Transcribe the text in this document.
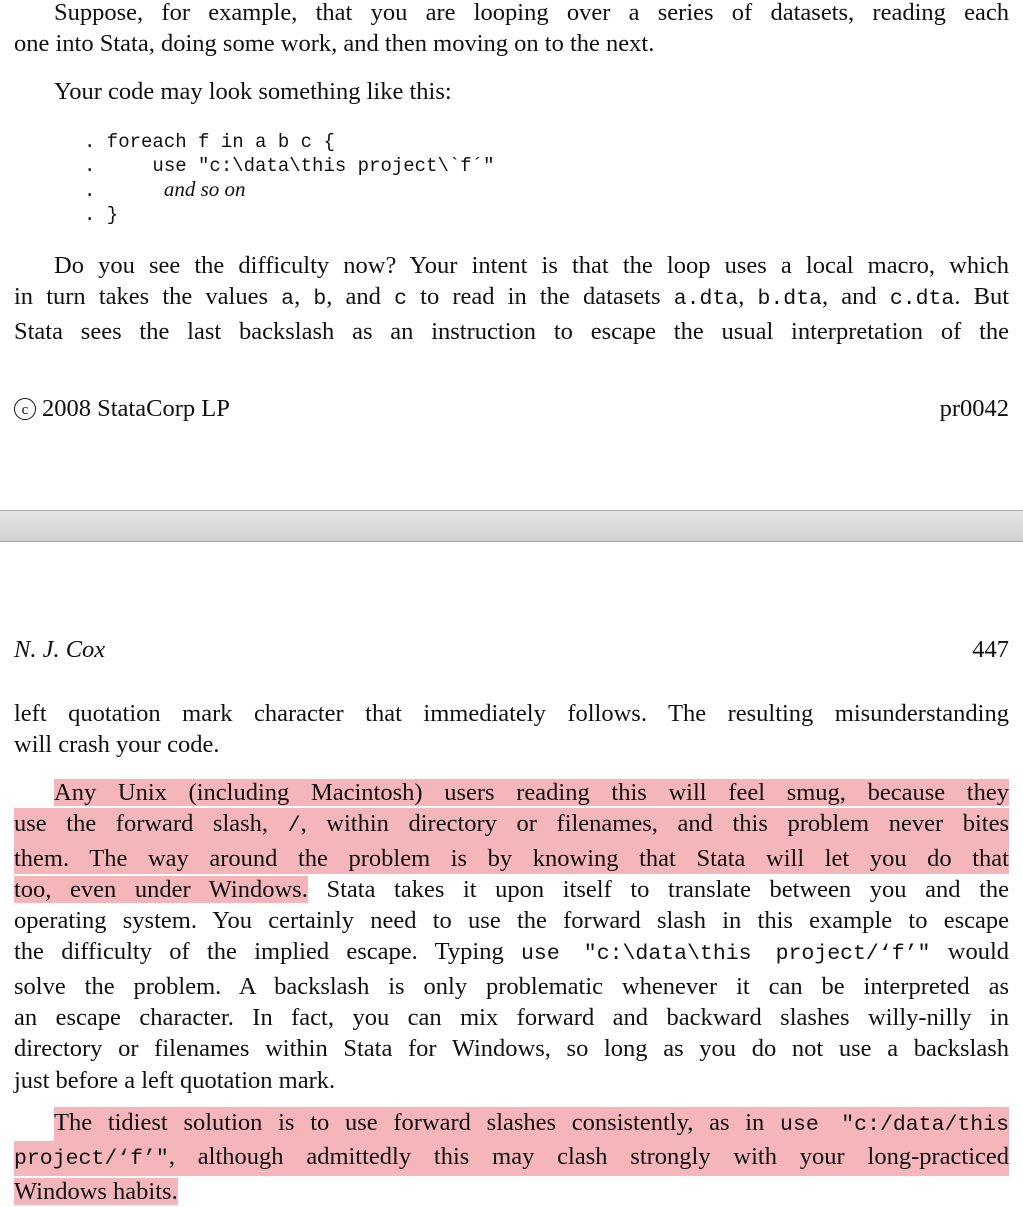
Suppose, for example, that you are looping over a series of datasets, reading each
one into Stata, doing some work, and then moving on to the next.
Your code may look something like this:
. foreach f in a b c {
.     use "c:\data\this project\`f´"
.	and so on
. }
Do you see the difficulty now? Your intent is that the loop uses a local macro, which
in turn takes the values a, b, and c to read in the datasets a.dta, b.dta, and c.dta. But
Stata sees the last backslash as an instruction to escape the usual interpretation of the
c 2008 StataCorp LP	pr0042
N. J. Cox	447
left quotation mark character that immediately follows. The resulting misunderstanding
will crash your code.
Any Unix (including Macintosh) users reading this will feel smug, because they
use the forward slash, /, within directory or filenames, and this problem never bites
them. The way around the problem is by knowing that Stata will let you do that
too, even under Windows. Stata takes it upon itself to translate between you and the
operating system. You certainly need to use the forward slash in this example to escape
the difficulty of the implied escape. Typing use "c:\data\this project/‘f’" would
solve the problem. A backslash is only problematic whenever it can be interpreted as
an escape character. In fact, you can mix forward and backward slashes willy-nilly in
directory or filenames within Stata for Windows, so long as you do not use a backslash
just before a left quotation mark.
The tidiest solution is to use forward slashes consistently, as in use "c:/data/this
project/‘f’", although admittedly this may clash strongly with your long-practiced
Windows habits.
